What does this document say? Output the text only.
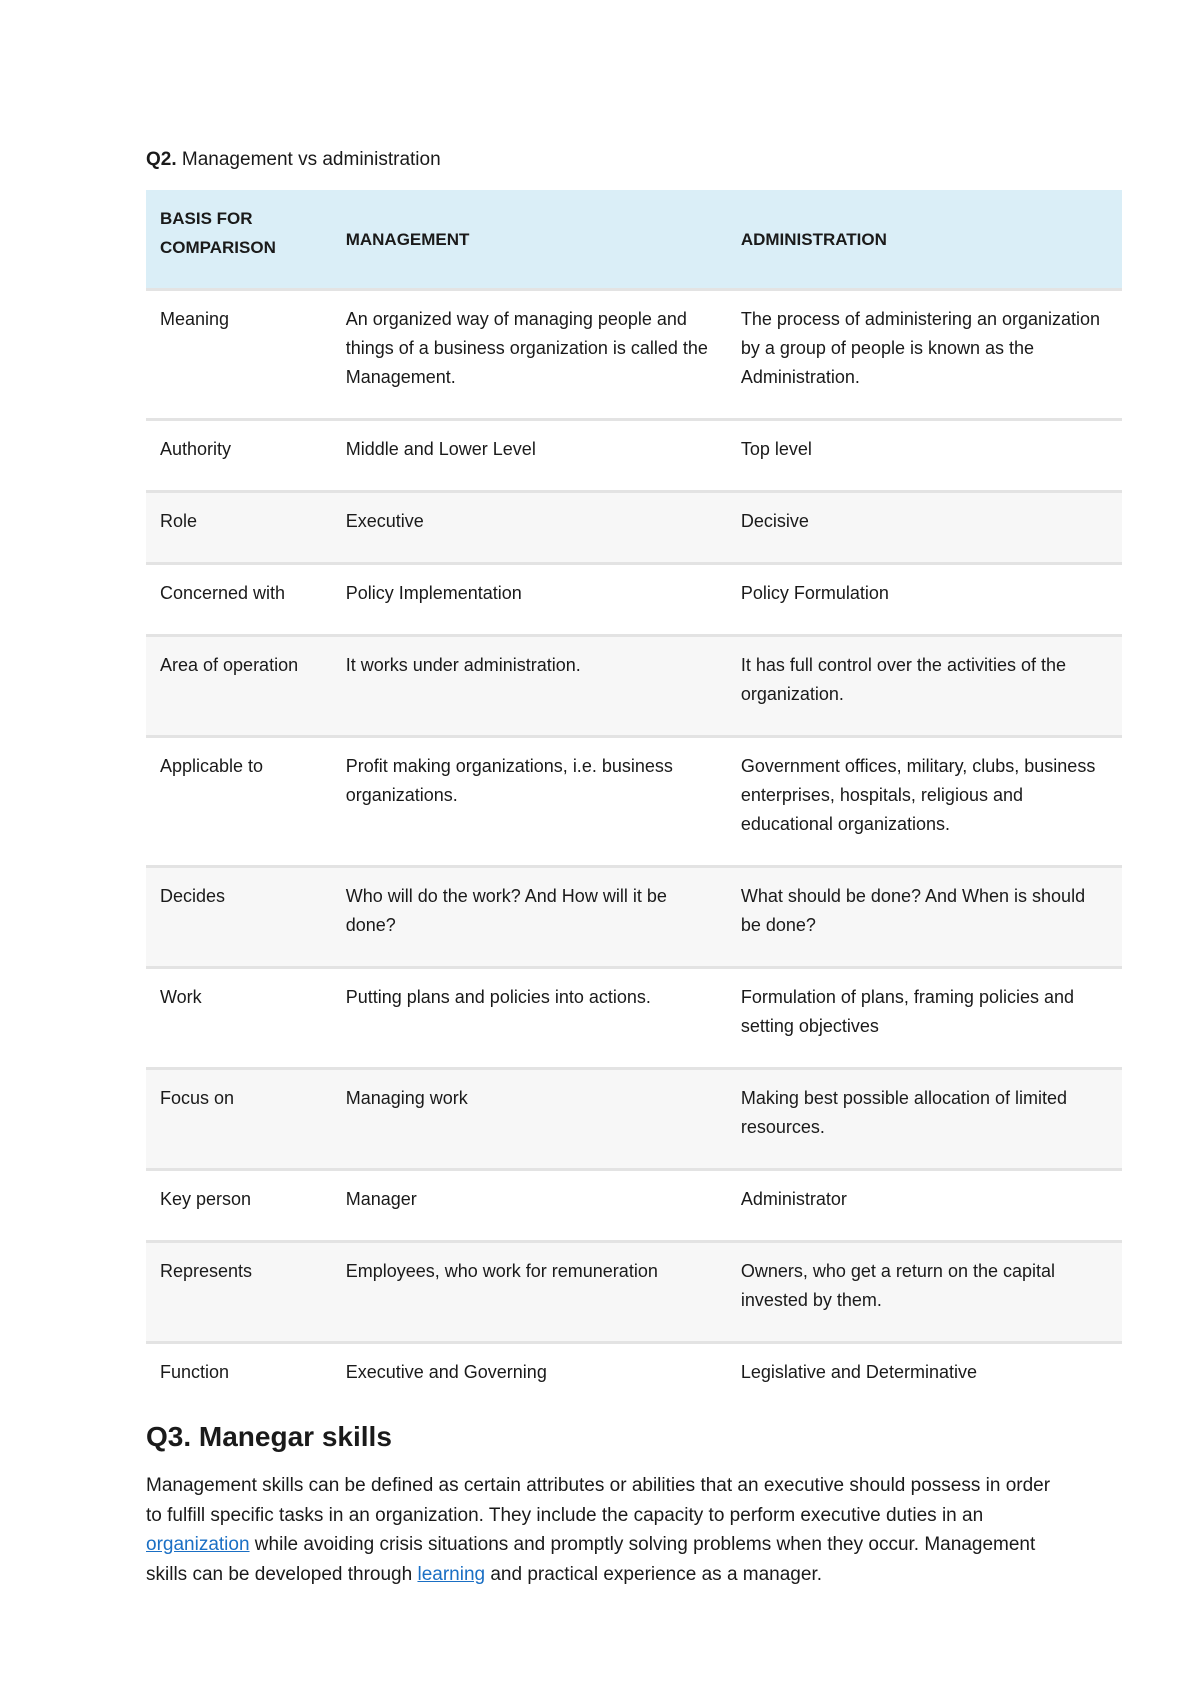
Q2. Management vs administration
BASIS FOR COMPARISON	MANAGEMENT	ADMINISTRATION
Meaning	An organized way of managing people and things of a business organization is called the Management.	The process of administering an organization by a group of people is known as the Administration.
Authority	Middle and Lower Level	Top level
Role	Executive	Decisive
Concerned with	Policy Implementation	Policy Formulation
Area of operation	It works under administration.	It has full control over the activities of the organization.
Applicable to	Profit making organizations, i.e. business organizations.	Government offices, military, clubs, business enterprises, hospitals, religious and educational organizations.
Decides	Who will do the work? And How will it be done?	What should be done? And When is should be done?
Work	Putting plans and policies into actions.	Formulation of plans, framing policies and setting objectives
Focus on	Managing work	Making best possible allocation of limited resources.
Key person	Manager	Administrator
Represents	Employees, who work for remuneration	Owners, who get a return on the capital invested by them.
Function	Executive and Governing	Legislative and Determinative
Q3. Manegar skills

Management skills can be defined as certain attributes or abilities that an executive should possess in order to fulfill specific tasks in an organization. They include the capacity to perform executive duties in an organization while avoiding crisis situations and promptly solving problems when they occur. Management skills can be developed through learning and practical experience as a manager.
